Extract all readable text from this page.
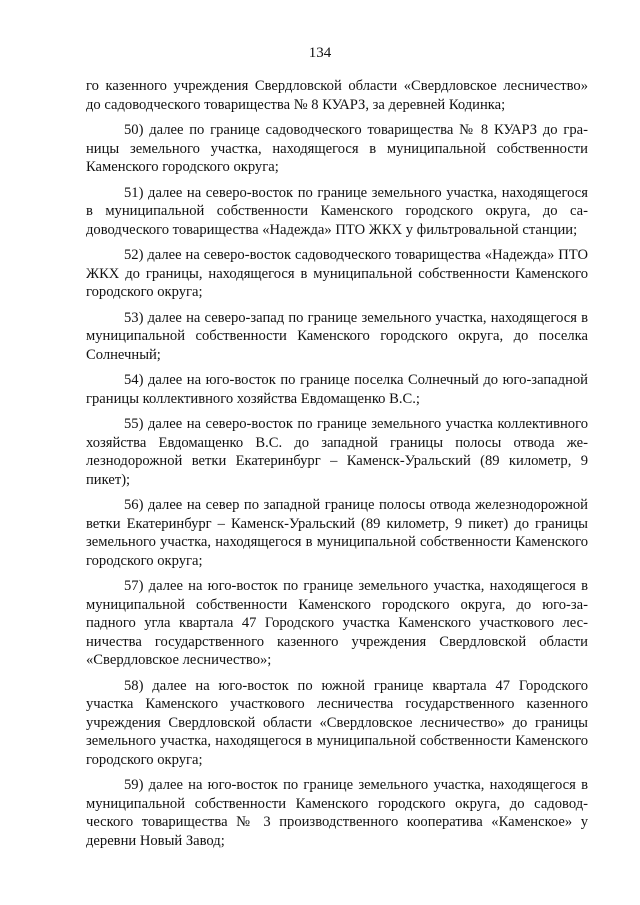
134

го казенного учреждения Свердловской области «Свердловское лесничество» до садоводческого товарищества № 8 КУАРЗ, за деревней Кодинка;

50) далее по границе садоводческого товарищества № 8 КУАРЗ до границы земельного участка, находящегося в муниципальной собственности Каменского городского округа;

51) далее на северо-восток по границе земельного участка, находящегося в муниципальной собственности Каменского городского округа, до садоводческого товарищества «Надежда» ПТО ЖКХ у фильтровальной станции;

52) далее на северо-восток садоводческого товарищества «Надежда» ПТО ЖКХ до границы, находящегося в муниципальной собственности Каменского городского округа;

53) далее на северо-запад по границе земельного участка, находящегося в муниципальной собственности Каменского городского округа, до поселка Солнечный;

54) далее на юго-восток по границе поселка Солнечный до юго-западной границы коллективного хозяйства Евдомащенко В.С.;

55) далее на северо-восток по границе земельного участка коллективного хозяйства Евдомащенко В.С. до западной границы полосы отвода железнодорожной ветки Екатеринбург – Каменск-Уральский (89 километр, 9 пикет);

56) далее на север по западной границе полосы отвода железнодорожной ветки Екатеринбург – Каменск-Уральский (89 километр, 9 пикет) до границы земельного участка, находящегося в муниципальной собственности Каменского городского округа;

57) далее на юго-восток по границе земельного участка, находящегося в муниципальной собственности Каменского городского округа, до юго-западного угла квартала 47 Городского участка Каменского участкового лесничества государственного казенного учреждения Свердловской области «Свердловское лесничество»;

58) далее на юго-восток по южной границе квартала 47 Городского участка Каменского участкового лесничества государственного казенного учреждения Свердловской области «Свердловское лесничество» до границы земельного участка, находящегося в муниципальной собственности Каменского городского округа;

59) далее на юго-восток по границе земельного участка, находящегося в муниципальной собственности Каменского городского округа, до садоводческого товарищества № 3 производственного кооператива «Каменское» у деревни Новый Завод;
